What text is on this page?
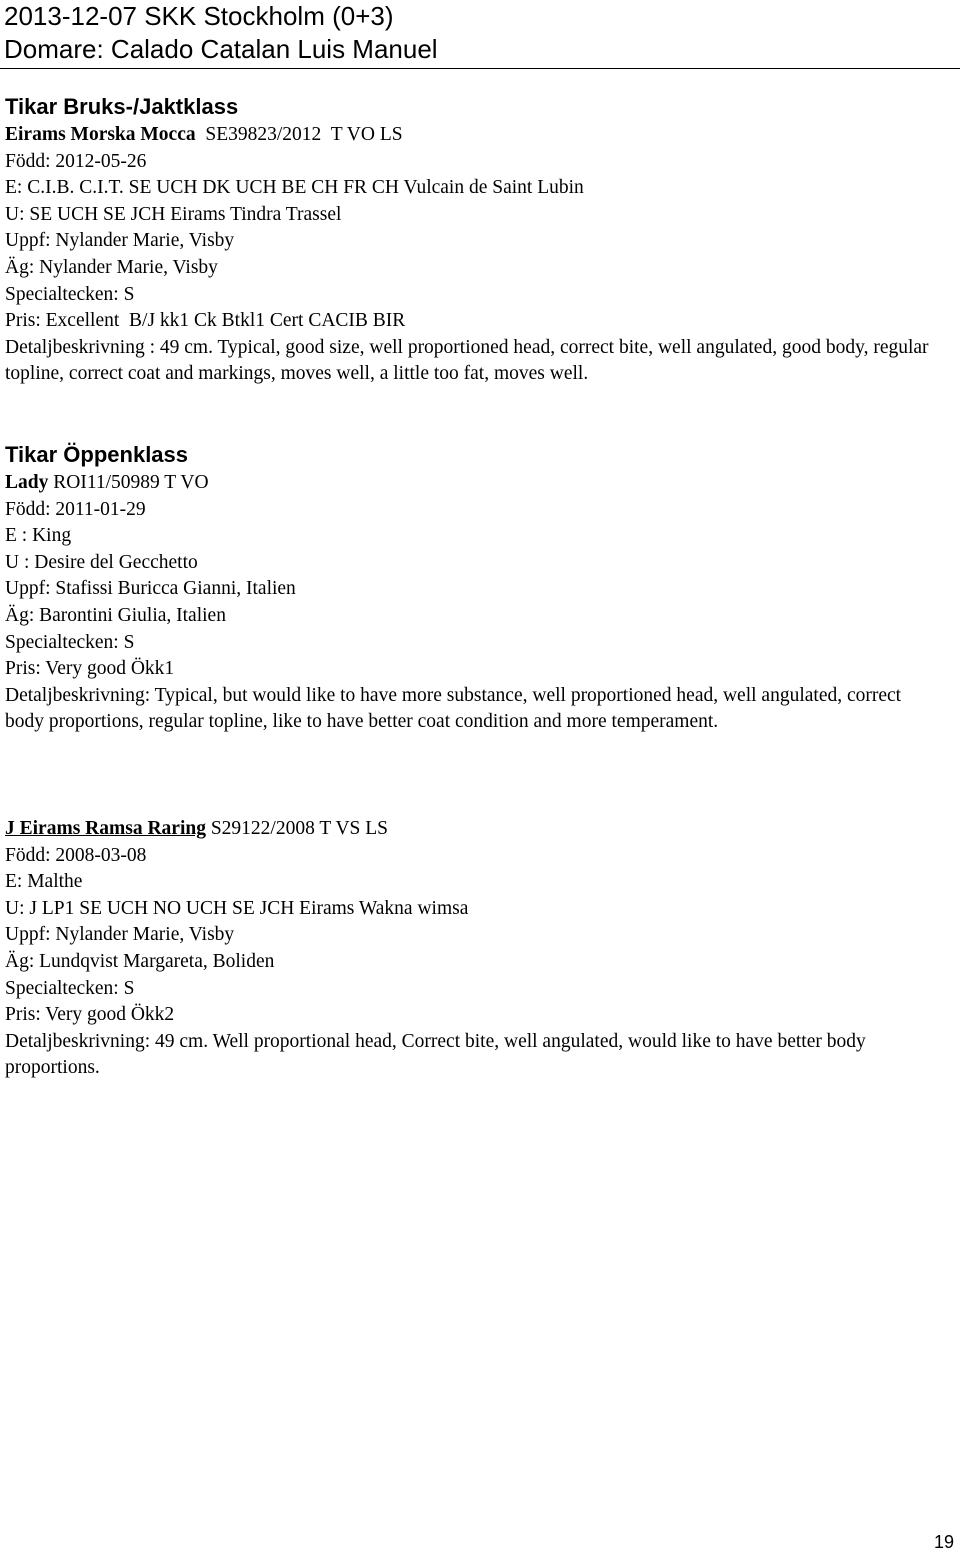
2013-12-07 SKK Stockholm (0+3)

Domare: Calado Catalan Luis Manuel

Tikar Bruks-/Jaktklass

Eirams Morska Mocca  SE39823/2012  T VO LS

Född: 2012-05-26

E: C.I.B. C.I.T. SE UCH DK UCH BE CH FR CH Vulcain de Saint Lubin

U: SE UCH SE JCH Eirams Tindra Trassel

Uppf: Nylander Marie, Visby

Äg: Nylander Marie, Visby

Specialtecken: S

Pris: Excellent  B/J kk1 Ck Btkl1 Cert CACIB BIR

Detaljbeskrivning : 49 cm. Typical, good size, well proportioned head, correct bite, well angulated, good body, regular topline, correct coat and markings, moves well, a little too fat, moves well.

Tikar Öppenklass

Lady ROI11/50989 T VO

Född: 2011-01-29

E : King

U : Desire del Gecchetto

Uppf: Stafissi Buricca Gianni, Italien

Äg: Barontini Giulia, Italien

Specialtecken: S

Pris: Very good Ökk1

Detaljbeskrivning: Typical, but would like to have more substance, well proportioned head, well angulated, correct body proportions, regular topline, like to have better coat condition and more temperament.

J Eirams Ramsa Raring S29122/2008 T VS LS

Född: 2008-03-08

E: Malthe

U: J LP1 SE UCH NO UCH SE JCH Eirams Wakna wimsa

Uppf: Nylander Marie, Visby

Äg: Lundqvist Margareta, Boliden

Specialtecken: S

Pris: Very good Ökk2

Detaljbeskrivning: 49 cm. Well proportional head, Correct bite, well angulated, would like to have better body proportions.

19
